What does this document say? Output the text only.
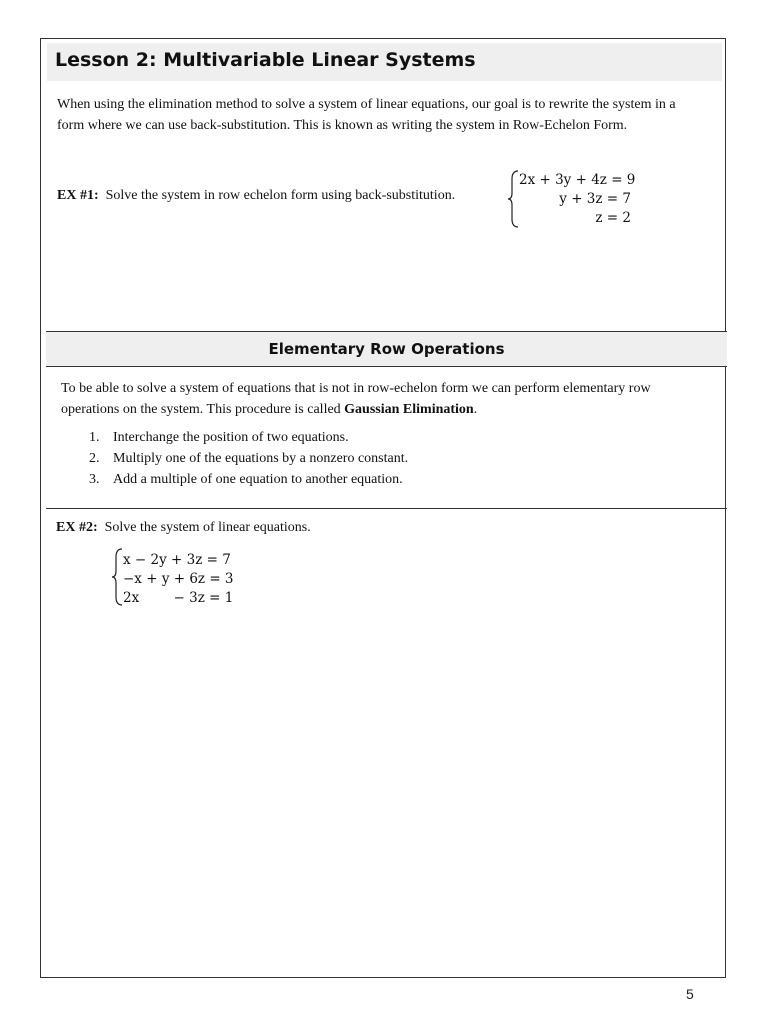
Lesson 2: Multivariable Linear Systems
When using the elimination method to solve a system of linear equations, our goal is to rewrite the system in a form where we can use back-substitution. This is known as writing the system in Row-Echelon Form.
EX #1: Solve the system in row echelon form using back-substitution.
2x + 3y + 4z = 9
y + 3z = 7
z = 2
Elementary Row Operations
To be able to solve a system of equations that is not in row-echelon form we can perform elementary row operations on the system. This procedure is called Gaussian Elimination.
1. Interchange the position of two equations.
2. Multiply one of the equations by a nonzero constant.
3. Add a multiple of one equation to another equation.
EX #2: Solve the system of linear equations.
x − 2y + 3z = 7
−x + y + 6z = 3
2x        − 3z = 1
5
